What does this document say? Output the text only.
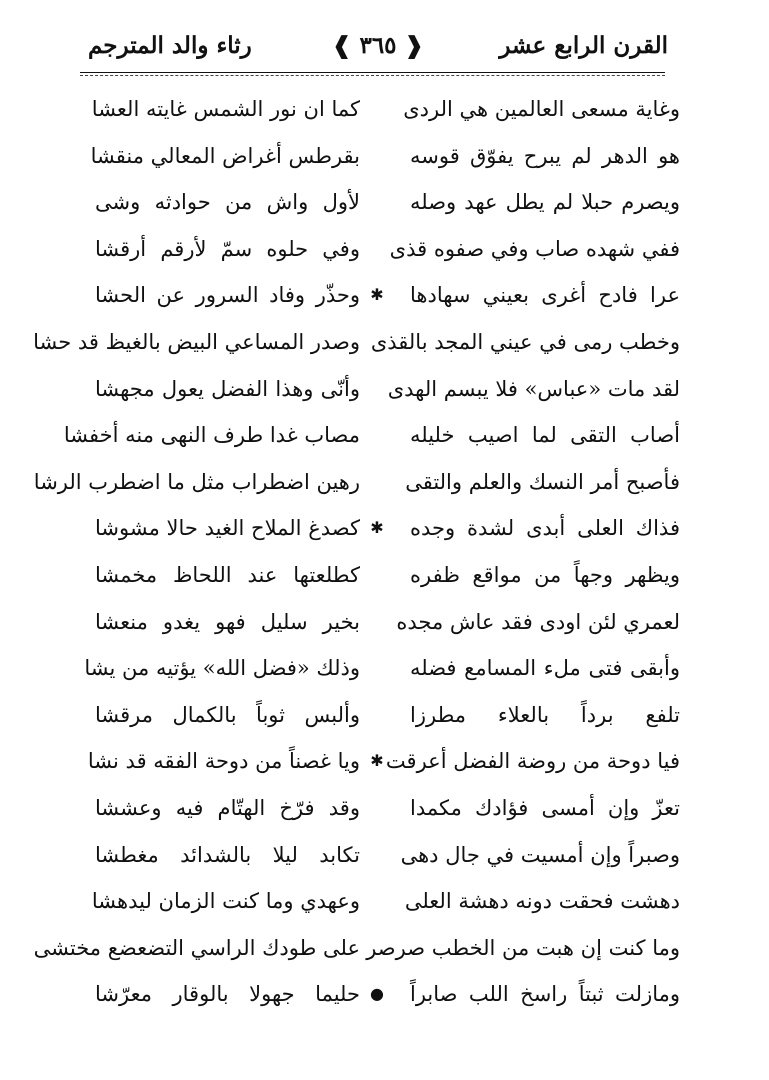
القرن الرابع عشر
❰ ٣٦٥ ❱
رثاء والد المترجم
وغاية مسعى العالمين هي الردى
كما ان نور الشمس غايته العشا
هو الدهر لم يبرح يفوّق قوسه
بقرطس أغراض المعالي منقشا
ويصرم حبلا لم يطل عهد وصله
لأول واش من حوادثه وشى
ففي شهده صاب وفي صفوه قذى
وفي حلوه سمّ لأرقم أرقشا
عرا فادح أغرى بعيني سهادها
✱
وحذّر وفاد السرور عن الحشا
وخطب رمى في عيني المجد بالقذى
وصدر المساعي البيض بالغيظ قد حشا
لقد مات «عباس» فلا يبسم الهدى
وأنّى وهذا الفضل يعول مجهشا
أصاب التقى لما اصيب خليله
مصاب غدا طرف النهى منه أخفشا
فأصبح أمر النسك والعلم والتقى
رهين اضطراب مثل ما اضطرب الرشا
فذاك العلى أبدى لشدة وجده
✱
كصدغ الملاح الغيد حالا مشوشا
ويظهر وجهاً من مواقع ظفره
كطلعتها عند اللحاظ مخمشا
لعمري لئن اودى فقد عاش مجده
بخير سليل فهو يغدو منعشا
وأبقى فتى ملء المسامع فضله
وذلك «فضل الله» يؤتيه من يشا
تلفع برداً بالعلاء مطرزا
وألبس ثوباً بالكمال مرقشا
فيا دوحة من روضة الفضل أعرقت
✱
ويا غصناً من دوحة الفقه قد نشا
تعزّ وإن أمسى فؤادك مكمدا
وقد فرّخ الهتّام فيه وعششا
وصبراً وإن أمسيت في جال دهى
تكابد ليلا بالشدائد مغطشا
دهشت فحقت دونه دهشة العلى
وعهدي وما كنت الزمان ليدهشا
وما كنت إن هبت من الخطب صرصر
على طودك الراسي التضعضع مختشى
ومازلت ثبتاً راسخ اللب صابراً
●
حليما جهولا بالوقار معرّشا
